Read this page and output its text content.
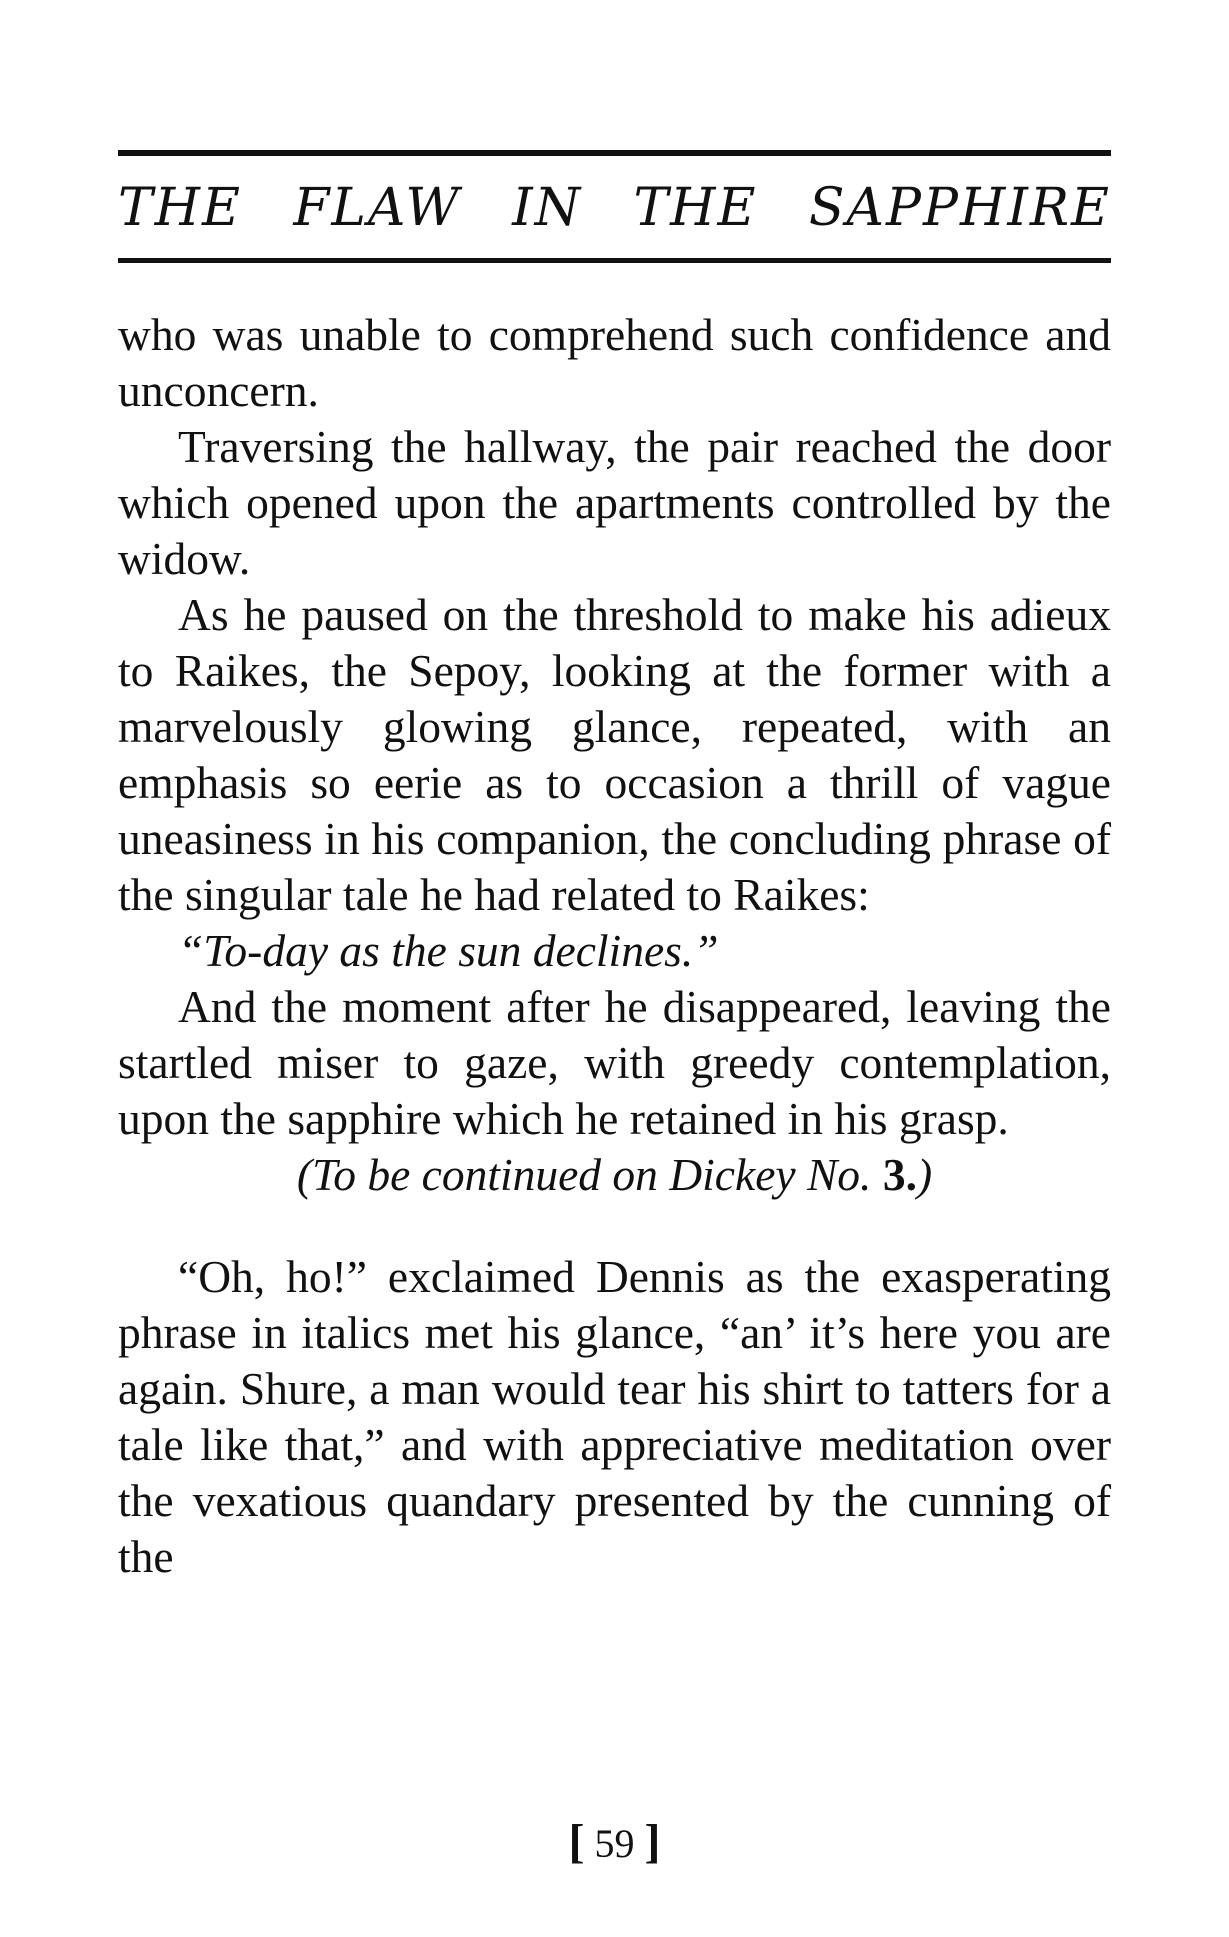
THE FLAW IN THE SAPPHIRE

who was unable to comprehend such confidence and unconcern.

Traversing the hallway, the pair reached the door which opened upon the apartments controlled by the widow.

As he paused on the threshold to make his adieux to Raikes, the Sepoy, looking at the former with a marvelously glowing glance, repeated, with an emphasis so eerie as to occasion a thrill of vague uneasiness in his companion, the concluding phrase of the singular tale he had related to Raikes:

“To-day as the sun declines.”

And the moment after he disappeared, leaving the startled miser to gaze, with greedy contemplation, upon the sapphire which he retained in his grasp.

(To be continued on Dickey No. 3.)

“Oh, ho!” exclaimed Dennis as the exasperating phrase in italics met his glance, “an’ it’s here you are again. Shure, a man would tear his shirt to tatters for a tale like that,” and with appreciative meditation over the vexatious quandary presented by the cunning of the

[ 59 ]
